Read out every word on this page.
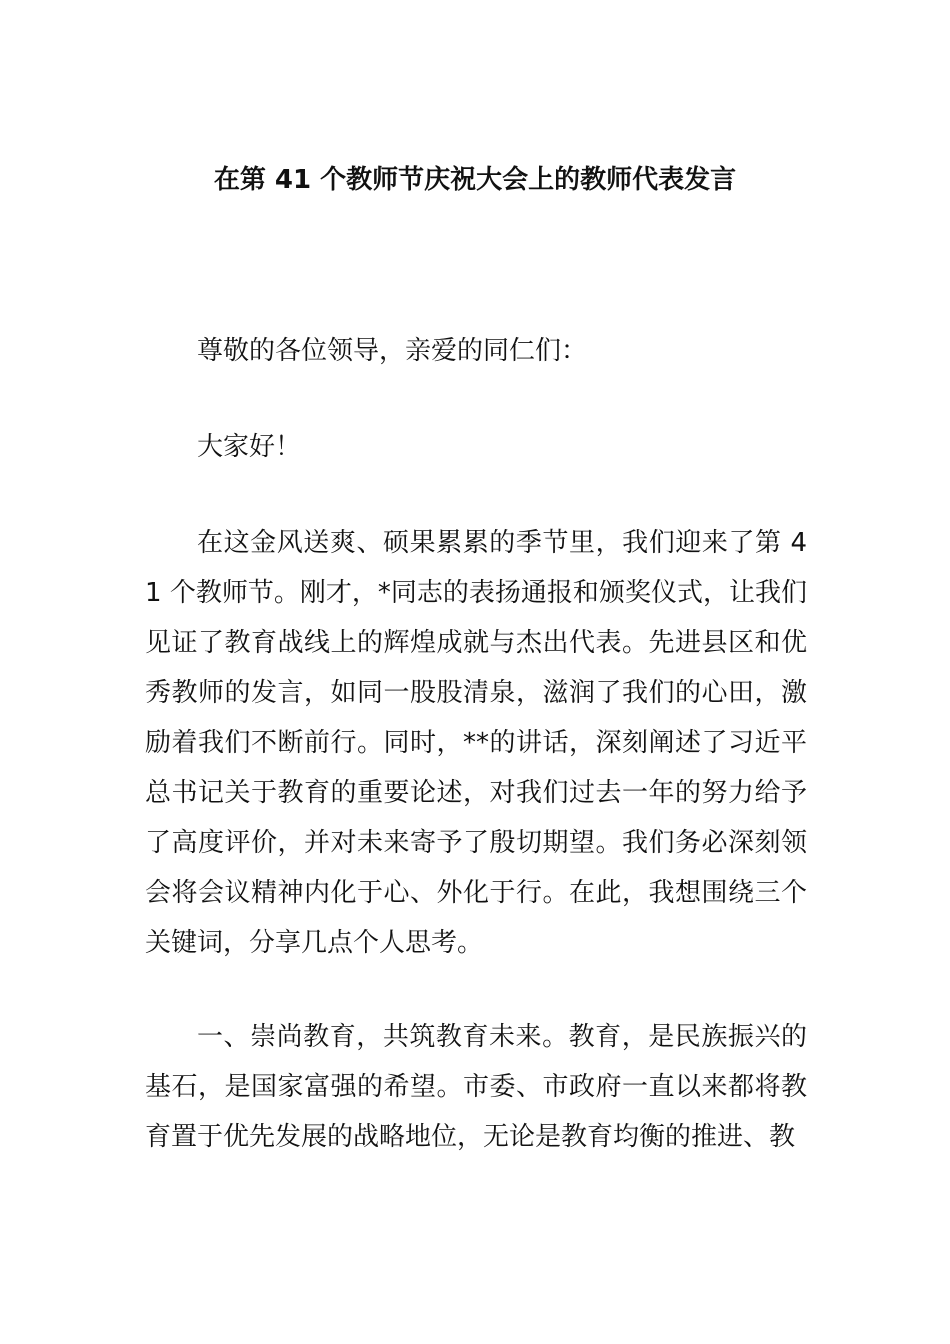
在第 41 个教师节庆祝大会上的教师代表发言

尊敬的各位领导，亲爱的同仁们：

大家好！

在这金风送爽、硕果累累的季节里，我们迎来了第 41 个教师节。刚才，*同志的表扬通报和颁奖仪式，让我们见证了教育战线上的辉煌成就与杰出代表。先进县区和优秀教师的发言，如同一股股清泉，滋润了我们的心田，激励着我们不断前行。同时，**的讲话，深刻阐述了习近平总书记关于教育的重要论述，对我们过去一年的努力给予了高度评价，并对未来寄予了殷切期望。我们务必深刻领会将会议精神内化于心、外化于行。在此，我想围绕三个关键词，分享几点个人思考。

一、崇尚教育，共筑教育未来。教育，是民族振兴的基石，是国家富强的希望。市委、市政府一直以来都将教育置于优先发展的战略地位，无论是教育均衡的推进、教
